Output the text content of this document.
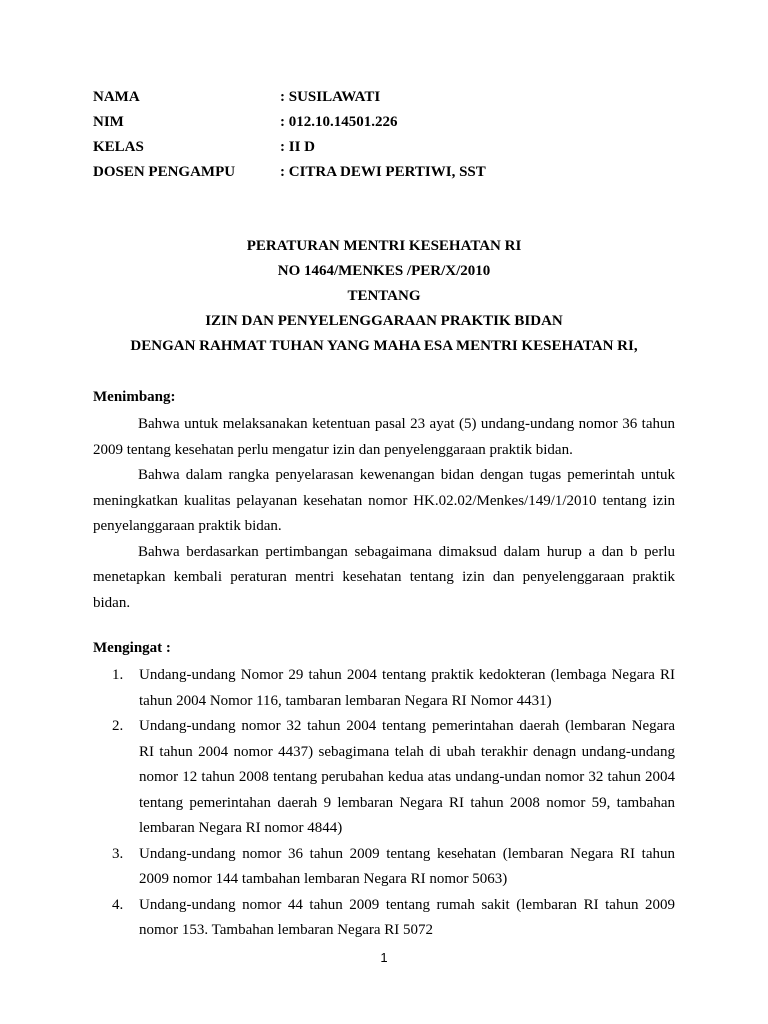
NAMA	: SUSILAWATI
NIM	: 012.10.14501.226
KELAS	: II D
DOSEN PENGAMPU	: CITRA DEWI PERTIWI, SST
PERATURAN MENTRI KESEHATAN RI
NO 1464/MENKES /PER/X/2010
TENTANG
IZIN DAN PENYELENGGARAAN PRAKTIK BIDAN
DENGAN RAHMAT TUHAN YANG MAHA ESA MENTRI KESEHATAN RI,
Menimbang:

Bahwa untuk melaksanakan ketentuan pasal 23 ayat (5) undang-undang nomor 36 tahun 2009 tentang kesehatan perlu mengatur izin dan penyelenggaraan praktik bidan.

Bahwa dalam rangka penyelarasan kewenangan bidan dengan tugas pemerintah untuk meningkatkan kualitas pelayanan kesehatan nomor HK.02.02/Menkes/149/1/2010 tentang izin penyelanggaraan praktik bidan.

Bahwa berdasarkan pertimbangan sebagaimana dimaksud dalam hurup a dan b perlu menetapkan kembali peraturan mentri kesehatan tentang izin dan penyelenggaraan praktik bidan.

Mengingat :
1. Undang-undang Nomor 29 tahun 2004 tentang praktik kedokteran (lembaga Negara RI tahun 2004 Nomor 116, tambaran lembaran Negara RI Nomor 4431)
2. Undang-undang nomor 32 tahun 2004 tentang pemerintahan daerah (lembaran Negara RI tahun 2004 nomor 4437) sebagimana telah di ubah terakhir denagn undang-undang nomor 12 tahun 2008 tentang perubahan kedua atas undang-undan nomor 32 tahun 2004 tentang pemerintahan daerah 9 lembaran Negara RI tahun 2008 nomor 59, tambahan lembaran Negara RI nomor 4844)
3. Undang-undang nomor 36 tahun 2009 tentang kesehatan (lembaran Negara RI tahun 2009 nomor 144 tambahan lembaran Negara RI nomor 5063)
4. Undang-undang nomor 44 tahun 2009 tentang rumah sakit (lembaran RI tahun 2009 nomor 153. Tambahan lembaran Negara RI 5072
1
